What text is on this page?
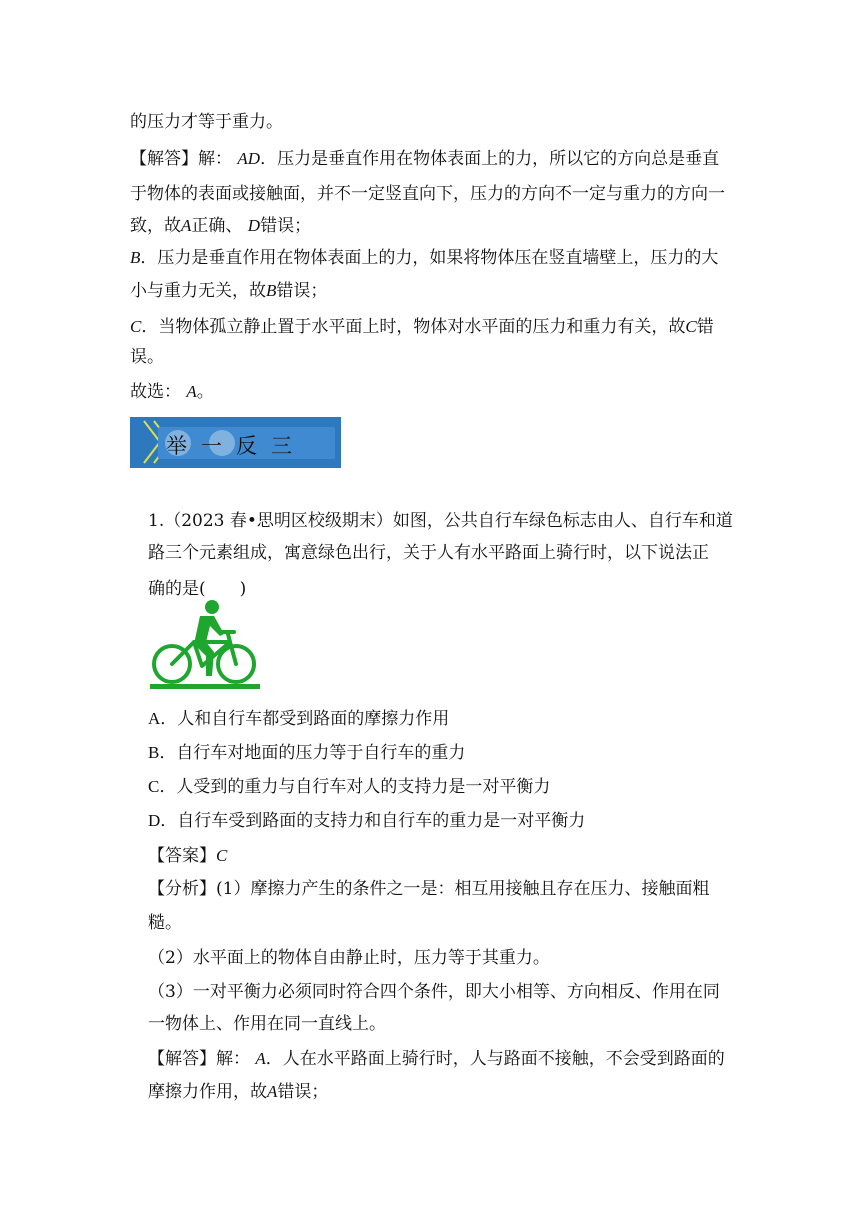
的压力才等于重力。
【解答】解： AD．压力是垂直作用在物体表面上的力，所以它的方向总是垂直
于物体的表面或接触面，并不一定竖直向下，压力的方向不一定与重力的方向一
致，故A正确、 D错误；
B．压力是垂直作用在物体表面上的力，如果将物体压在竖直墙壁上，压力的大
小与重力无关，故B错误；
C．当物体孤立静止置于水平面上时，物体对水平面的压力和重力有关，故C错
误。
故选： A。
举一反三
1.（2023 春•思明区校级期末）如图，公共自行车绿色标志由人、自行车和道
路三个元素组成，寓意绿色出行，关于人有水平路面上骑行时，以下说法正
确的是(　　)
A．人和自行车都受到路面的摩擦力作用
B．自行车对地面的压力等于自行车的重力
C．人受到的重力与自行车对人的支持力是一对平衡力
D．自行车受到路面的支持力和自行车的重力是一对平衡力
【答案】C
【分析】(1）摩擦力产生的条件之一是：相互用接触且存在压力、接触面粗
糙。
（2）水平面上的物体自由静止时，压力等于其重力。
（3）一对平衡力必须同时符合四个条件，即大小相等、方向相反、作用在同
一物体上、作用在同一直线上。
【解答】解： A．人在水平路面上骑行时，人与路面不接触，不会受到路面的
摩擦力作用，故A错误；
